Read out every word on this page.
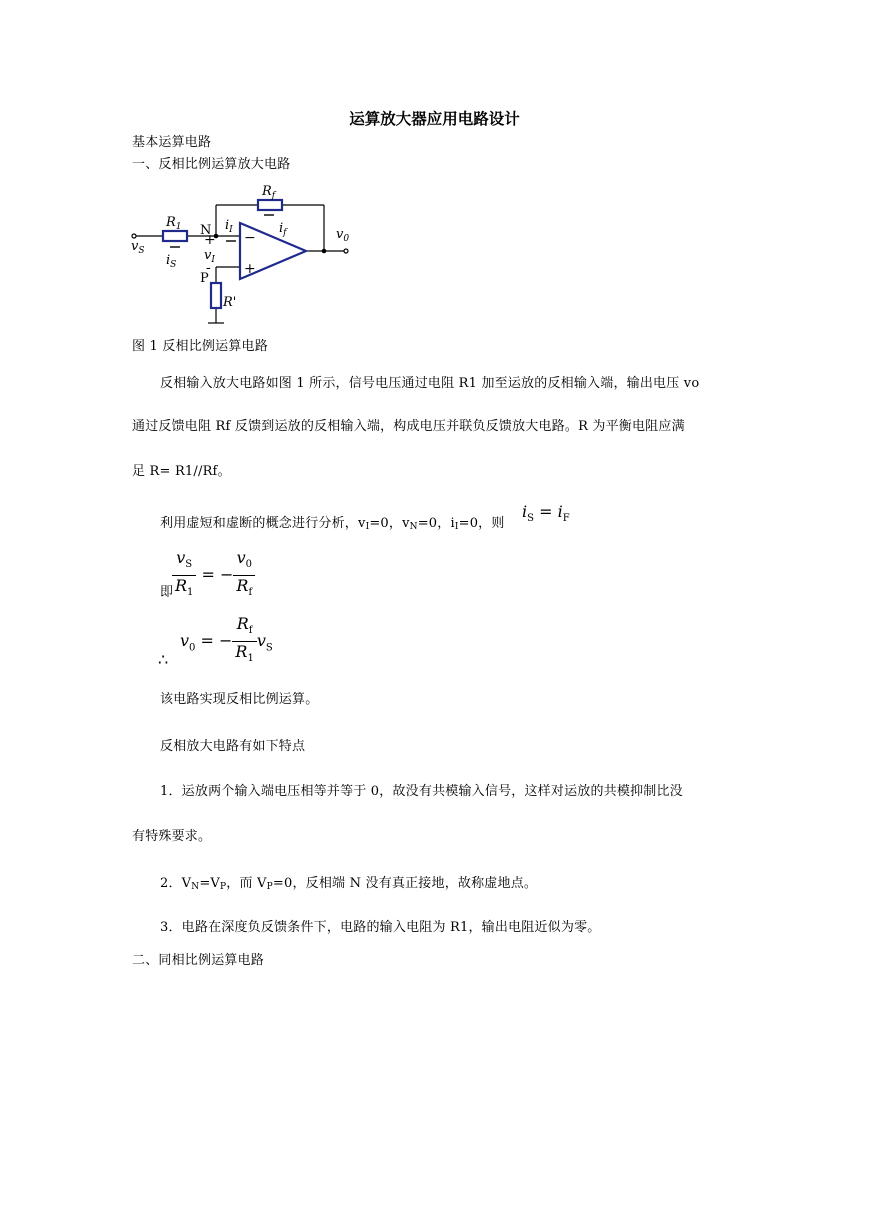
运算放大器应用电路设计
基本运算电路
一、反相比例运算放大电路
$R_f$
$R_1$	$i_I$	$i_f$
$v_S$
$i_S$
$v_I$
$v_0$
R'
N
P
+
-
−
+
图 1 反相比例运算电路
反相输入放大电路如图 1 所示，信号电压通过电阻 R1 加至运放的反相输入端，输出电压 vo
通过反馈电阻 Rf 反馈到运放的反相输入端，构成电压并联负反馈放大电路。R 为平衡电阻应满
足 R= R1//Rf。
利用虚短和虚断的概念进行分析，vI=0，vN=0，iI=0，则
$i_S = i_F$
即
$\frac{v_S}{R_1}$ = − $\frac{v_0}{R_f}$
∴
$v_0$ = − $\frac{R_f}{R_1} v_S$
该电路实现反相比例运算。
反相放大电路有如下特点
1．运放两个输入端电压相等并等于 0，故没有共模输入信号，这样对运放的共模抑制比没
有特殊要求。
2．VN=VP，而 VP=0，反相端 N 没有真正接地，故称虚地点。
3．电路在深度负反馈条件下，电路的输入电阻为 R1，输出电阻近似为零。
二、同相比例运算电路
